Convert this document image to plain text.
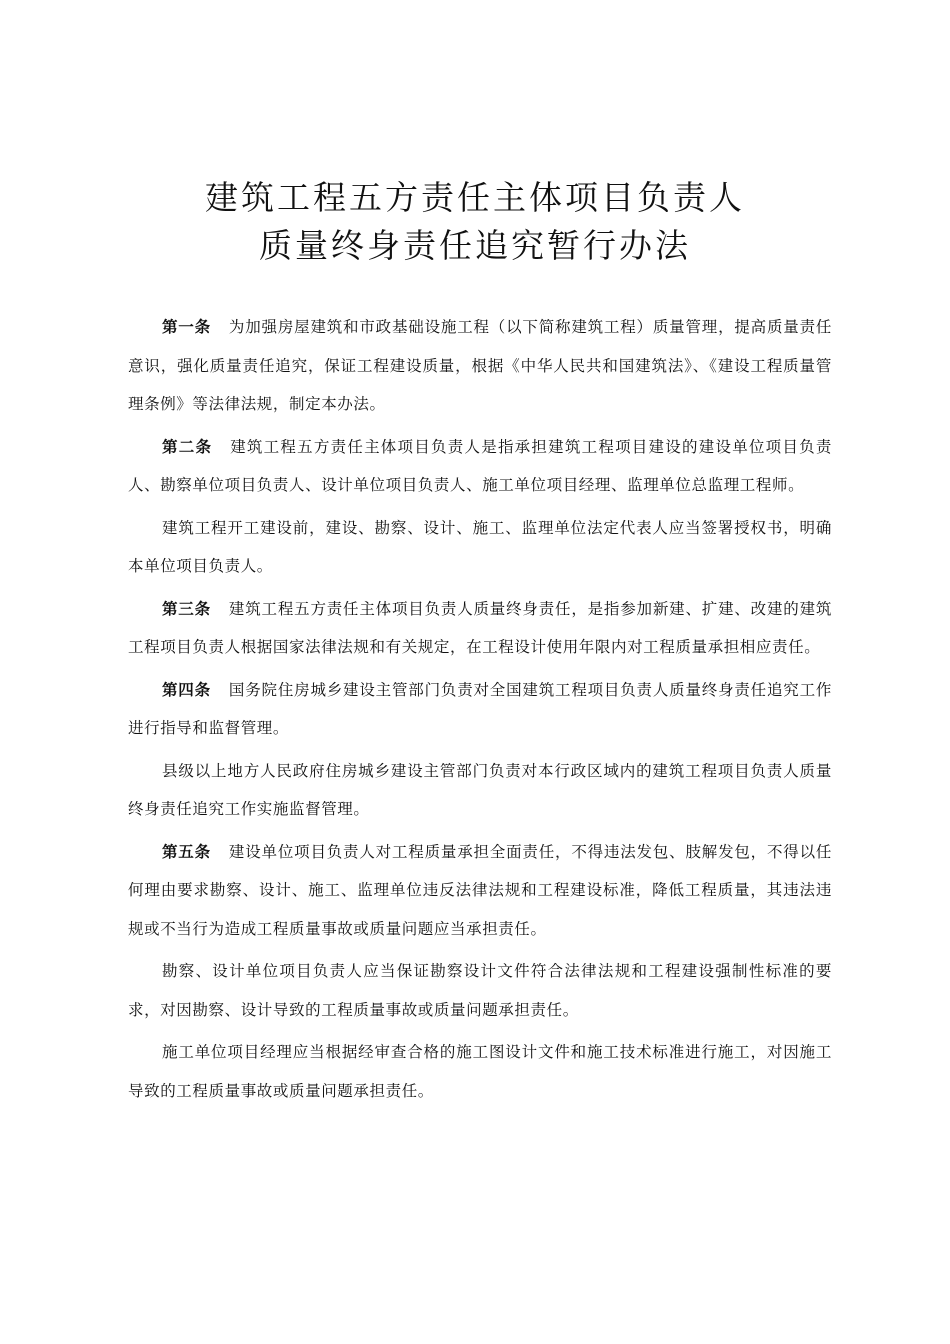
建筑工程五方责任主体项目负责人
质量终身责任追究暂行办法

第一条 为加强房屋建筑和市政基础设施工程（以下简称建筑工程）质量管理，提高质量责任意识，强化质量责任追究，保证工程建设质量，根据《中华人民共和国建筑法》、《建设工程质量管理条例》等法律法规，制定本办法。

第二条 建筑工程五方责任主体项目负责人是指承担建筑工程项目建设的建设单位项目负责人、勘察单位项目负责人、设计单位项目负责人、施工单位项目经理、监理单位总监理工程师。

建筑工程开工建设前，建设、勘察、设计、施工、监理单位法定代表人应当签署授权书，明确本单位项目负责人。

第三条 建筑工程五方责任主体项目负责人质量终身责任，是指参加新建、扩建、改建的建筑工程项目负责人根据国家法律法规和有关规定，在工程设计使用年限内对工程质量承担相应责任。

第四条 国务院住房城乡建设主管部门负责对全国建筑工程项目负责人质量终身责任追究工作进行指导和监督管理。

县级以上地方人民政府住房城乡建设主管部门负责对本行政区域内的建筑工程项目负责人质量终身责任追究工作实施监督管理。

第五条 建设单位项目负责人对工程质量承担全面责任，不得违法发包、肢解发包，不得以任何理由要求勘察、设计、施工、监理单位违反法律法规和工程建设标准，降低工程质量，其违法违规或不当行为造成工程质量事故或质量问题应当承担责任。

勘察、设计单位项目负责人应当保证勘察设计文件符合法律法规和工程建设强制性标准的要求，对因勘察、设计导致的工程质量事故或质量问题承担责任。

施工单位项目经理应当根据经审查合格的施工图设计文件和施工技术标准进行施工，对因施工导致的工程质量事故或质量问题承担责任。
